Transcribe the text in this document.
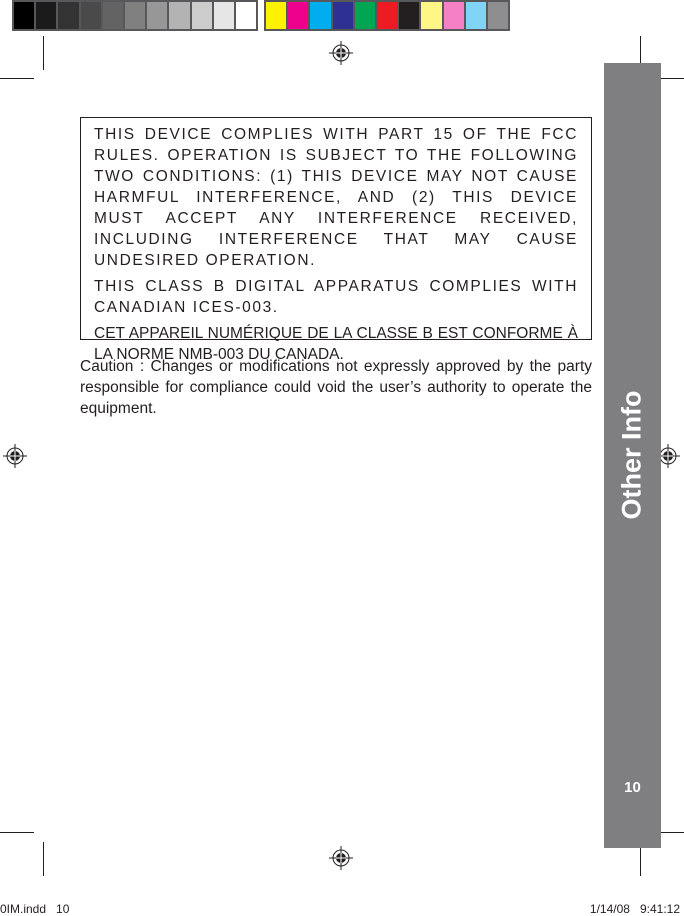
THIS DEVICE COMPLIES WITH PART 15 OF THE FCC RULES. OPERATION IS SUBJECT TO THE FOLLOWING TWO CONDITIONS: (1) THIS DEVICE MAY NOT CAUSE HARMFUL INTERFERENCE, AND (2) THIS DEVICE MUST ACCEPT ANY INTERFERENCE RECEIVED, INCLUDING INTERFERENCE THAT MAY CAUSE UNDESIRED OPERATION.

THIS CLASS B DIGITAL APPARATUS COMPLIES WITH CANADIAN ICES-003.

CET APPAREIL NUMÉRIQUE DE LA CLASSE B EST CONFORME À LA NORME NMB-003 DU CANADA.

Caution : Changes or modifications not expressly approved by the party responsible for compliance could void the user’s authority to operate the equipment.	Other Info
10
0IM.indd   10	1/14/08   9:41:12
